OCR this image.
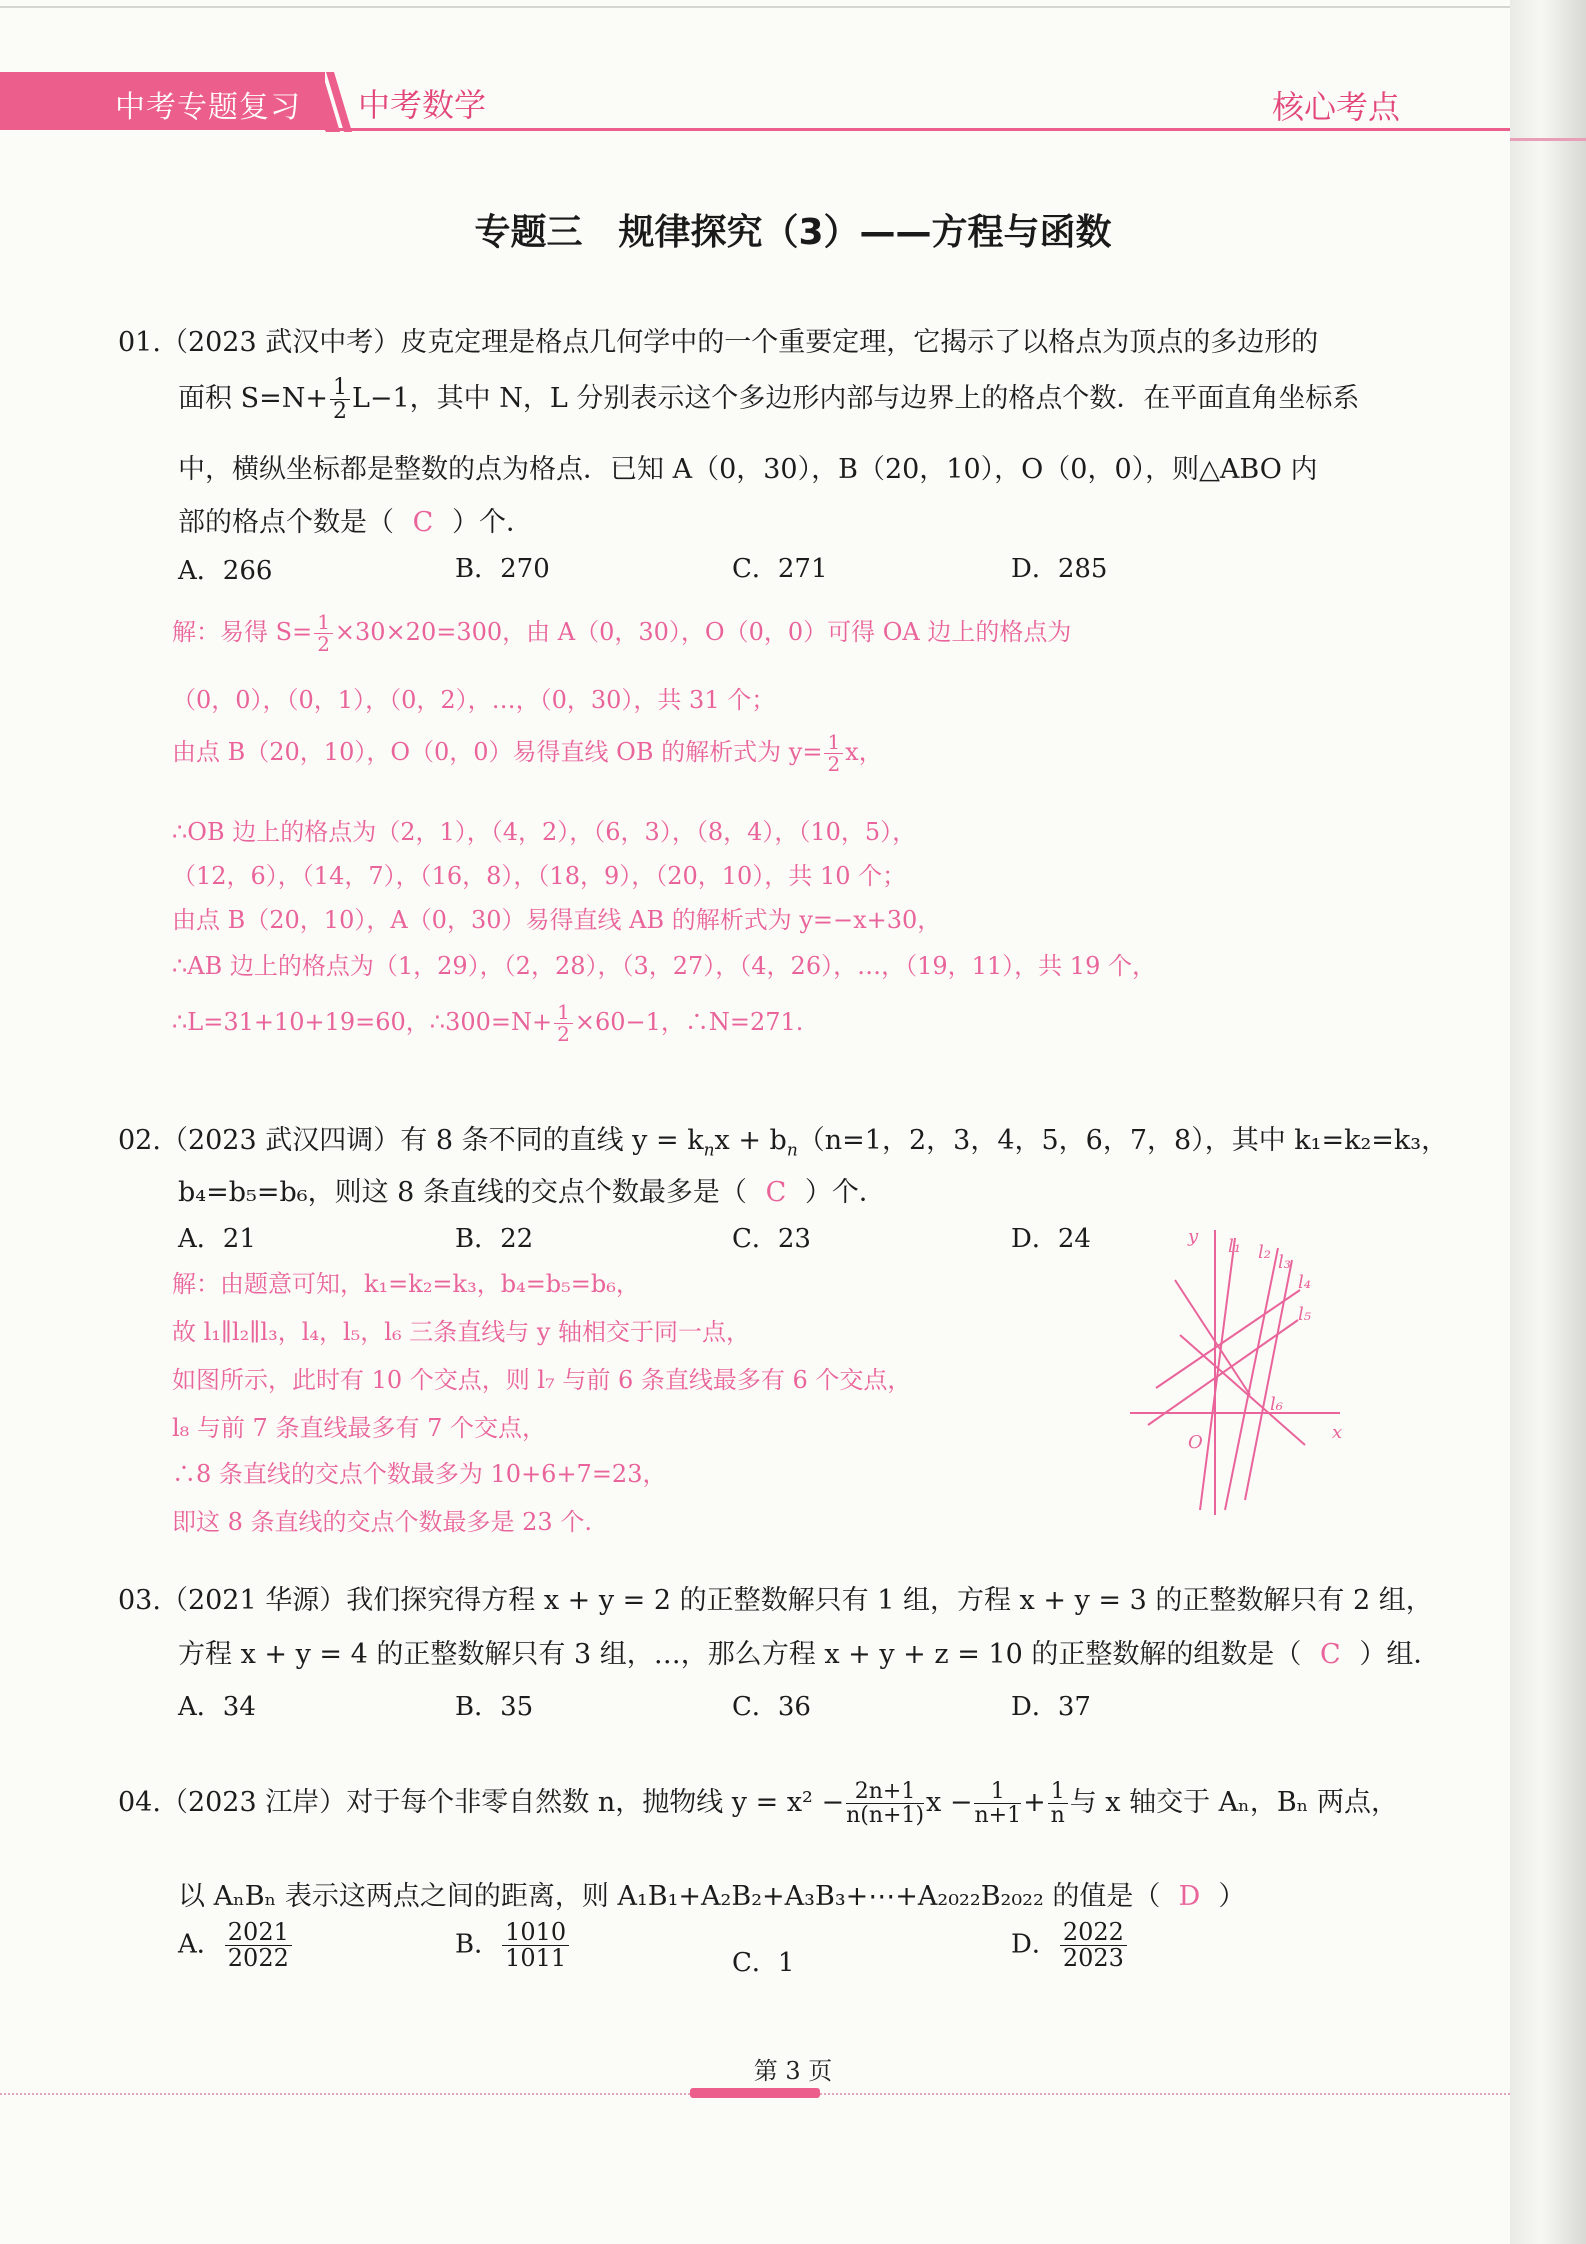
中考专题复习 中考数学	核心考点
专题三　规律探究（3）——方程与函数
01.（2023 武汉中考）皮克定理是格点几何学中的一个重要定理，它揭示了以格点为顶点的多边形的
面积 $S=N+ \frac{1}{2} L-1$，其中 N，L 分别表示这个多边形内部与边界上的格点个数．在平面直角坐标系
中，横纵坐标都是整数的点为格点．已知 A（0，30），B（20，10），O（0，0），则△ABO 内
部的格点个数是（ C ）个．
A．266	B．270	C．271	D．285
解：易得 $S= \frac{1}{2} \times 30\times 20=300$，由 A（0，30），O（0，0）可得 OA 边上的格点为
（0，0），（0，1），（0，2），…，（0，30），共 31 个；
由点 B（20，10），O（0，0）易得直线 OB 的解析式为 $y= \frac{1}{2}$ x，
∴OB 边上的格点为（2，1），（4，2），（6，3），（8，4），（10，5），
（12，6），（14，7），（16，8），（18，9），（20，10），共 10 个；
由点 B（20，10），A（0，30）易得直线 AB 的解析式为 y=−x+30，
∴AB 边上的格点为（1，29），（2，28），（3，27），（4，26），…，（19，11），共 19 个，
∴L=31+10+19=60，∴300=N+ $\frac{1}{2} \times 60-1$，∴N=271.
02.（2023 武汉四调）有 8 条不同的直线 $y = k_nx + b_n(n=1$，2，3，4，5，6，7，8），其中 k₁=k₂=k₃，
b₄=b₅=b₆，则这 8 条直线的交点个数最多是（ C ）个．
A．21	B．22	C．23	D．24
解：由题意可知，k₁=k₂=k₃，b₄=b₅=b₆，
故 l₁∥l₂∥l₃，l₄，l₅，l₆ 三条直线与 y 轴相交于同一点，
如图所示，此时有 10 个交点，则 l₇ 与前 6 条直线最多有 6 个交点，
l₈ 与前 7 条直线最多有 7 个交点，
∴8 条直线的交点个数最多为 10+6+7=23，
即这 8 条直线的交点个数最多是 23 个.
y
x
O
l₁ l₂ l₃
l₄
l₅
l₆
03.（2021 华源）我们探究得方程 x + y = 2 的正整数解只有 1 组，方程 x + y = 3 的正整数解只有 2 组，
方程 x + y = 4 的正整数解只有 3 组，…，那么方程 x + y + z = 10 的正整数解的组数是（ C ）组．
A．34	B．35	C．36	D．37
04.（2023 江岸）对于每个非零自然数 n，抛物线 $y = x^2 - \frac{2n+1}{n(n+1)}$ $x - \frac{1}{n+1} + \frac{1}{n}$ 与 x 轴交于 Aₙ，Bₙ 两点，
以 AₙBₙ 表示这两点之间的距离，则 A₁B₁+A₂B₂+A₃B₃+⋯+A₂₀₂₂B₂₀₂₂ 的值是（ D ）
A． $\frac{2021}{2022}$	B． $\frac{1010}{1011}$	C．1
D． $\frac{2022}{2023}$
第 3 页
